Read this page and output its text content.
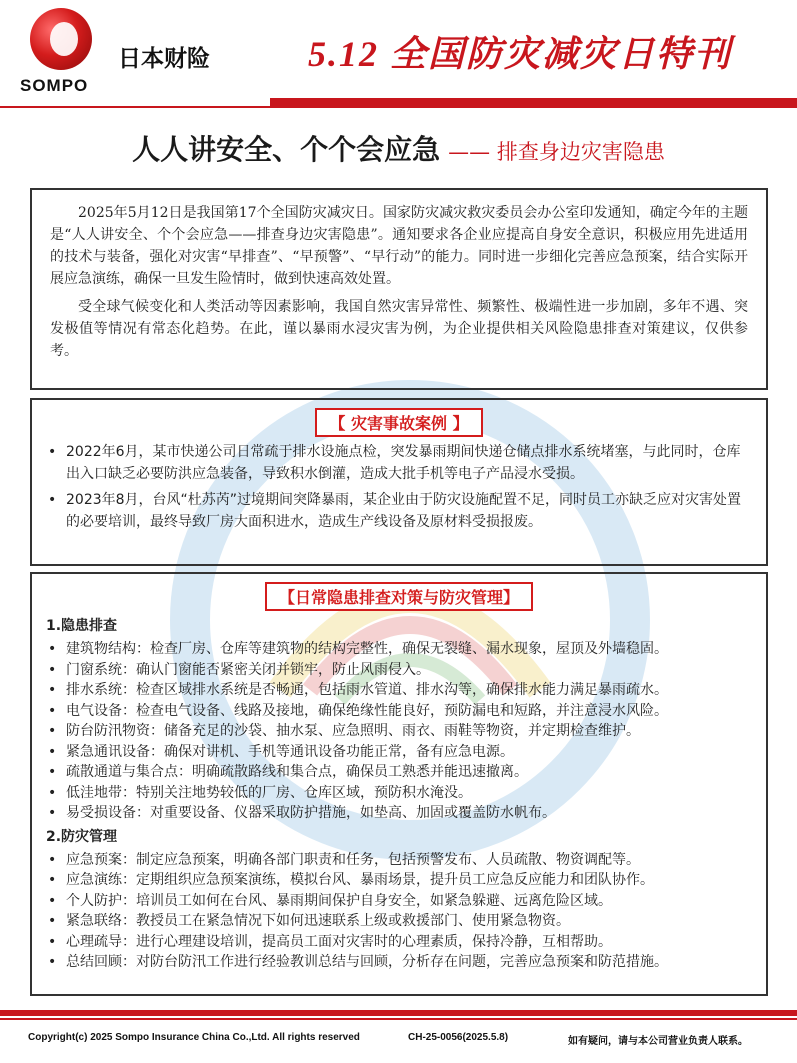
SOMPO
日本财险	5.12 全国防灾减灾日特刊
人人讲安全、个个会应急 —— 排查身边灾害隐患

2025年5月12日是我国第17个全国防灾减灾日。国家防灾减灾救灾委员会办公室印发通知，确定今年的主题是“人人讲安全、个个会应急——排查身边灾害隐患”。通知要求各企业应提高自身安全意识，积极应用先进适用的技术与装备，强化对灾害“早排查”、“早预警”、“早行动”的能力。同时进一步细化完善应急预案，结合实际开展应急演练，确保一旦发生险情时，做到快速高效处置。

受全球气候变化和人类活动等因素影响，我国自然灾害异常性、频繁性、极端性进一步加剧，多年不遇、突发极值等情况有常态化趋势。在此，谨以暴雨水浸灾害为例，为企业提供相关风险隐患排查对策建议，仅供参考。

【 灾害事故案例 】
• 2022年6月，某市快递公司日常疏于排水设施点检，突发暴雨期间快递仓储点排水系统堵塞，与此同时，仓库出入口缺乏必要防洪应急装备，导致积水倒灌，造成大批手机等电子产品浸水受损。
• 2023年8月，台风“杜苏芮”过境期间突降暴雨，某企业由于防灾设施配置不足，同时员工亦缺乏应对灾害处置的必要培训，最终导致厂房大面积进水，造成生产线设备及原材料受损报废。
【日常隐患排查对策与防灾管理】
1.隐患排查
• 建筑物结构：检查厂房、仓库等建筑物的结构完整性，确保无裂缝、漏水现象，屋顶及外墙稳固。
• 门窗系统：确认门窗能否紧密关闭并锁牢，防止风雨侵入。
• 排水系统：检查区域排水系统是否畅通，包括雨水管道、排水沟等，确保排水能力满足暴雨疏水。
• 电气设备：检查电气设备、线路及接地，确保绝缘性能良好，预防漏电和短路，并注意浸水风险。
• 防台防汛物资：储备充足的沙袋、抽水泵、应急照明、雨衣、雨鞋等物资，并定期检查维护。
• 紧急通讯设备：确保对讲机、手机等通讯设备功能正常，备有应急电源。
• 疏散通道与集合点：明确疏散路线和集合点，确保员工熟悉并能迅速撤离。
• 低洼地带：特别关注地势较低的厂房、仓库区域，预防积水淹没。
• 易受损设备：对重要设备、仪器采取防护措施，如垫高、加固或覆盖防水帆布。
2.防灾管理
• 应急预案：制定应急预案，明确各部门职责和任务，包括预警发布、人员疏散、物资调配等。
• 应急演练：定期组织应急预案演练，模拟台风、暴雨场景，提升员工应急反应能力和团队协作。
• 个人防护：培训员工如何在台风、暴雨期间保护自身安全，如紧急躲避、远离危险区域。
• 紧急联络：教授员工在紧急情况下如何迅速联系上级或救援部门、使用紧急物资。
• 心理疏导：进行心理建设培训，提高员工面对灾害时的心理素质，保持冷静，互相帮助。
• 总结回顾：对防台防汛工作进行经验教训总结与回顾，分析存在问题，完善应急预案和防范措施。
Copyright(c) 2025 Sompo Insurance China Co.,Ltd. All rights reserved	CH-25-0056(2025.5.8)	如有疑问，请与本公司营业负责人联系。
